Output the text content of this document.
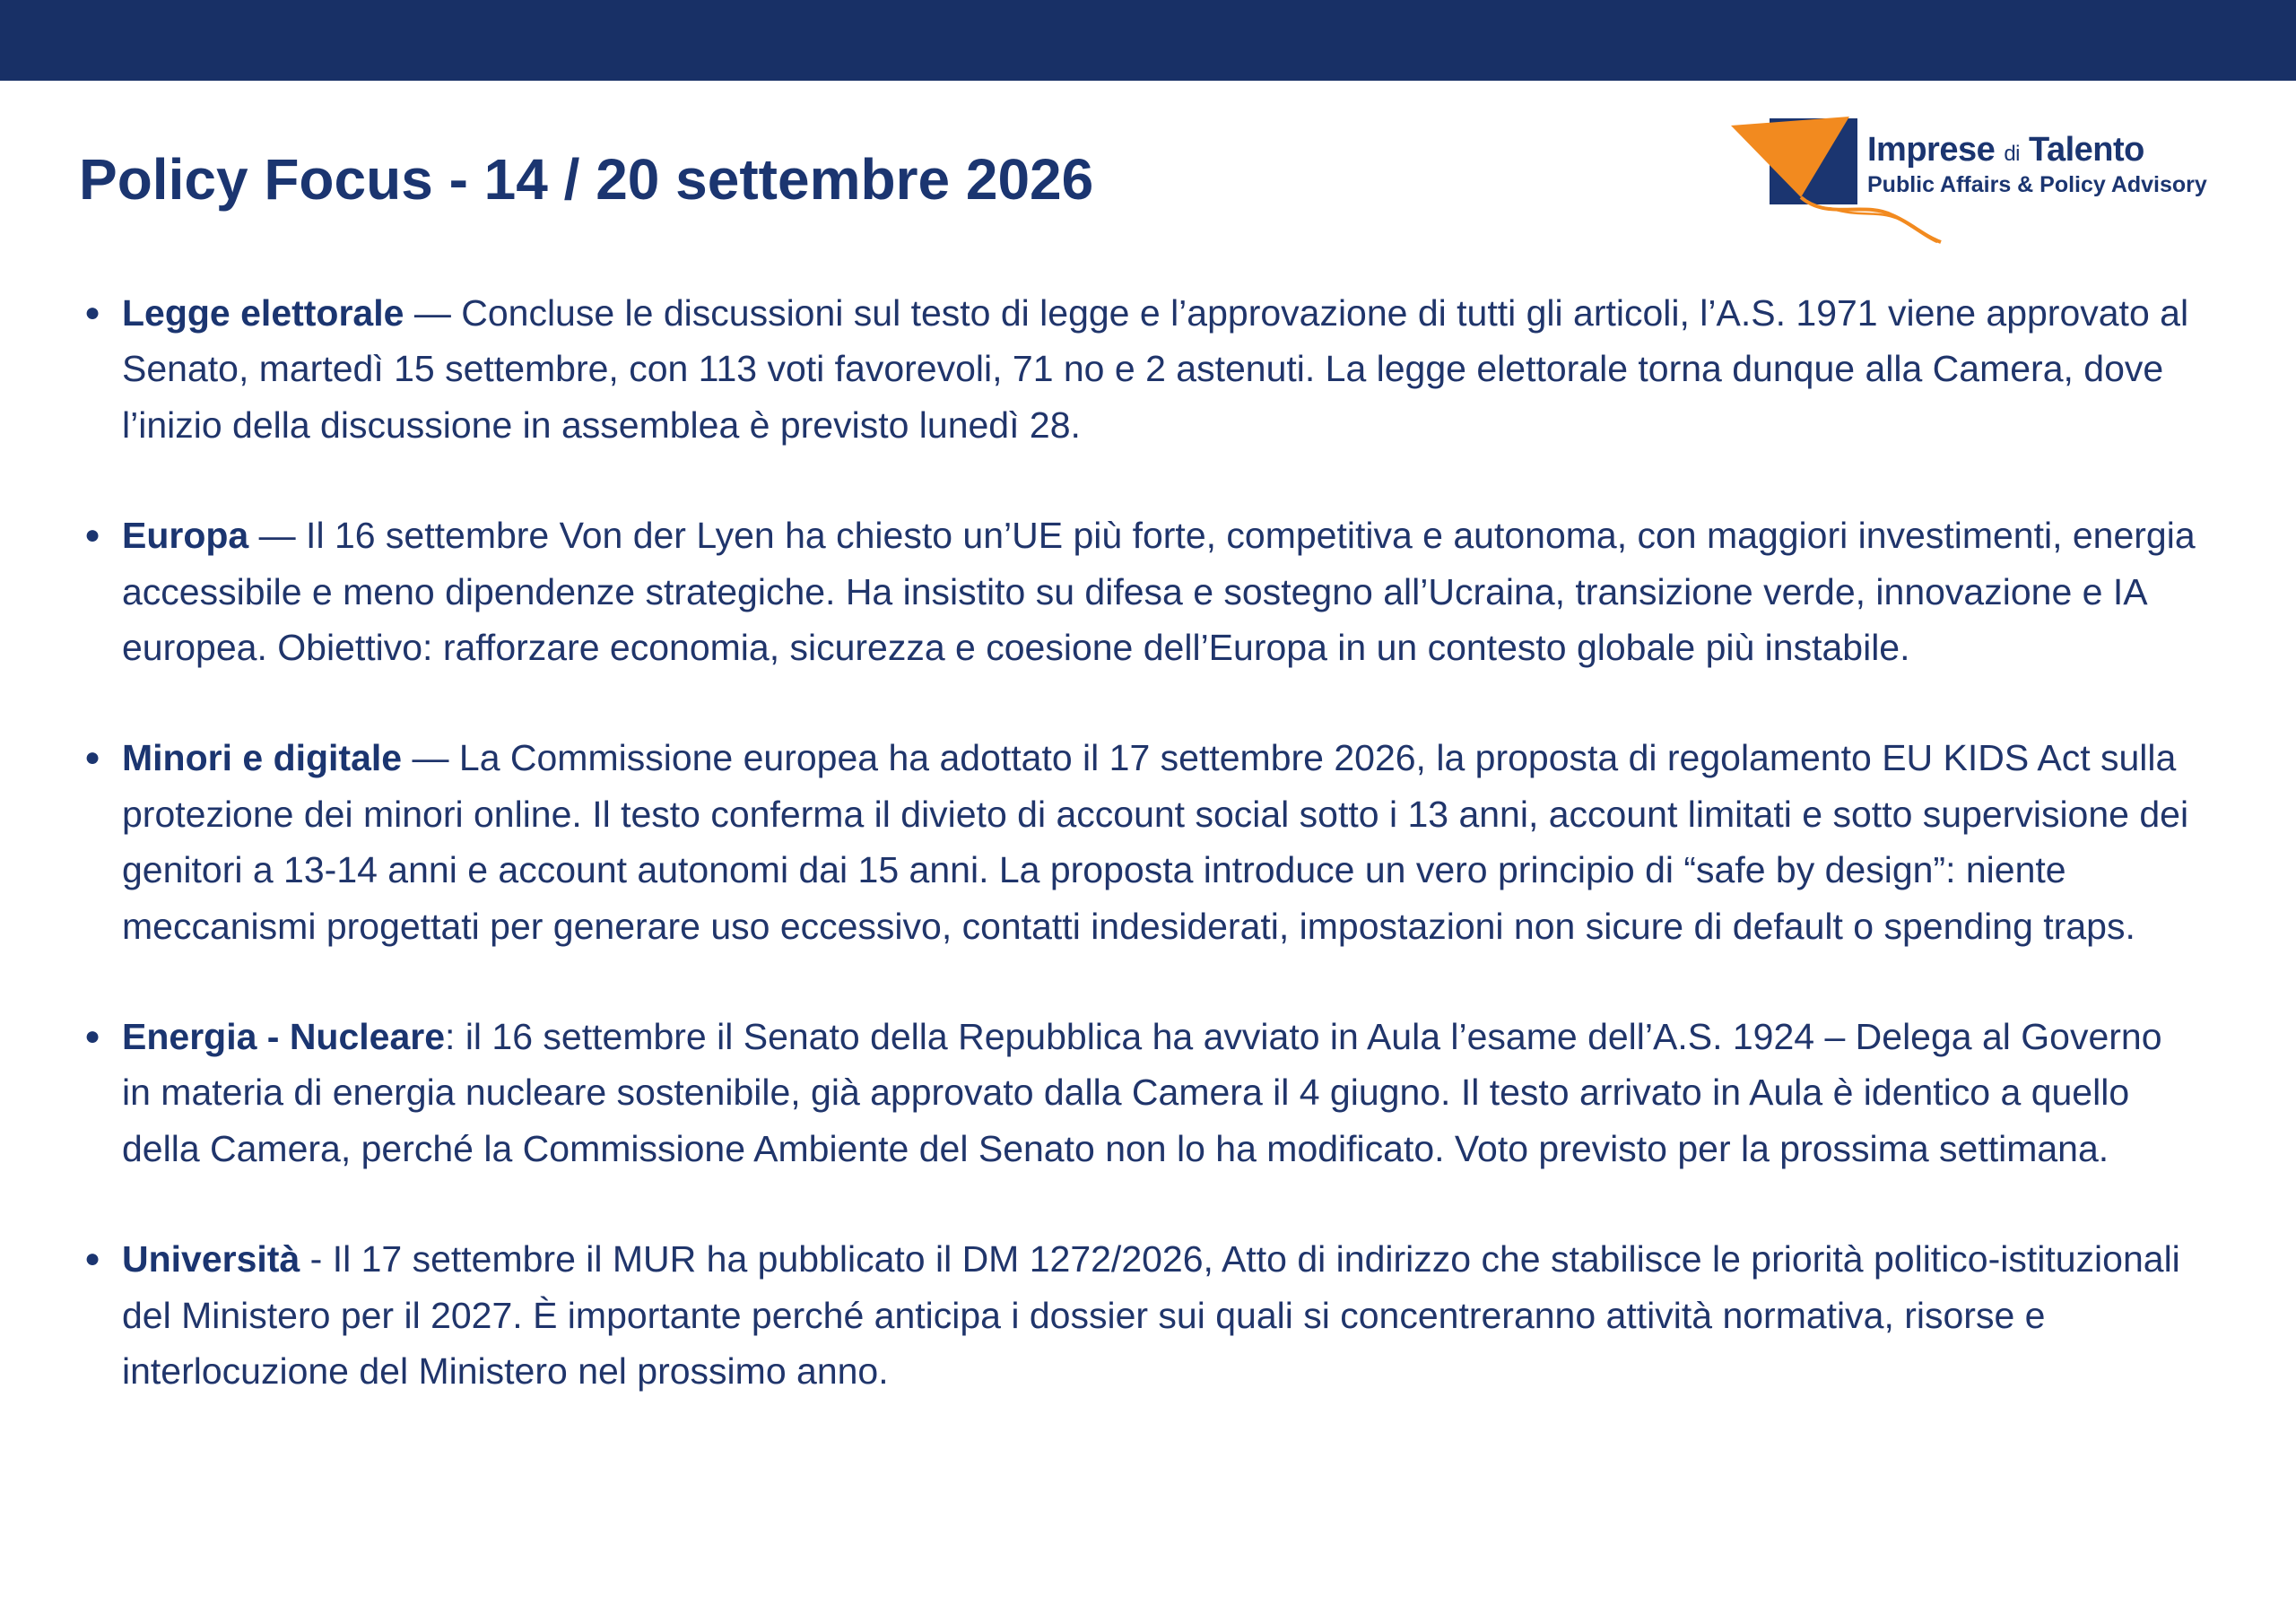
Policy Focus - 14 / 20 settembre 2026	Imprese di Talento
Public Affairs & Policy Advisory
● Legge elettorale — Concluse le discussioni sul testo di legge e l’approvazione di tutti gli articoli, l’A.S. 1971 viene approvato al Senato, martedì 15 settembre, con 113 voti favorevoli, 71 no e 2 astenuti. La legge elettorale torna dunque alla Camera, dove l’inizio della discussione in assemblea è previsto lunedì 28.
● Europa — Il 16 settembre Von der Lyen ha chiesto un’UE più forte, competitiva e autonoma, con maggiori investimenti, energia accessibile e meno dipendenze strategiche. Ha insistito su difesa e sostegno all’Ucraina, transizione verde, innovazione e IA europea. Obiettivo: rafforzare economia, sicurezza e coesione dell’Europa in un contesto globale più instabile.
● Minori e digitale — La Commissione europea ha adottato il 17 settembre 2026, la proposta di regolamento EU KIDS Act sulla protezione dei minori online. Il testo conferma il divieto di account social sotto i 13 anni, account limitati e sotto supervisione dei genitori a 13-14 anni e account autonomi dai 15 anni. La proposta introduce un vero principio di “safe by design”: niente meccanismi progettati per generare uso eccessivo, contatti indesiderati, impostazioni non sicure di default o spending traps.
● Energia - Nucleare: il 16 settembre il Senato della Repubblica ha avviato in Aula l’esame dell’A.S. 1924 – Delega al Governo in materia di energia nucleare sostenibile, già approvato dalla Camera il 4 giugno. Il testo arrivato in Aula è identico a quello della Camera, perché la Commissione Ambiente del Senato non lo ha modificato. Voto previsto per la prossima settimana.
● Università - Il 17 settembre il MUR ha pubblicato il DM 1272/2026, Atto di indirizzo che stabilisce le priorità politico-istituzionali del Ministero per il 2027. È importante perché anticipa i dossier sui quali si concentreranno attività normativa, risorse e interlocuzione del Ministero nel prossimo anno.
